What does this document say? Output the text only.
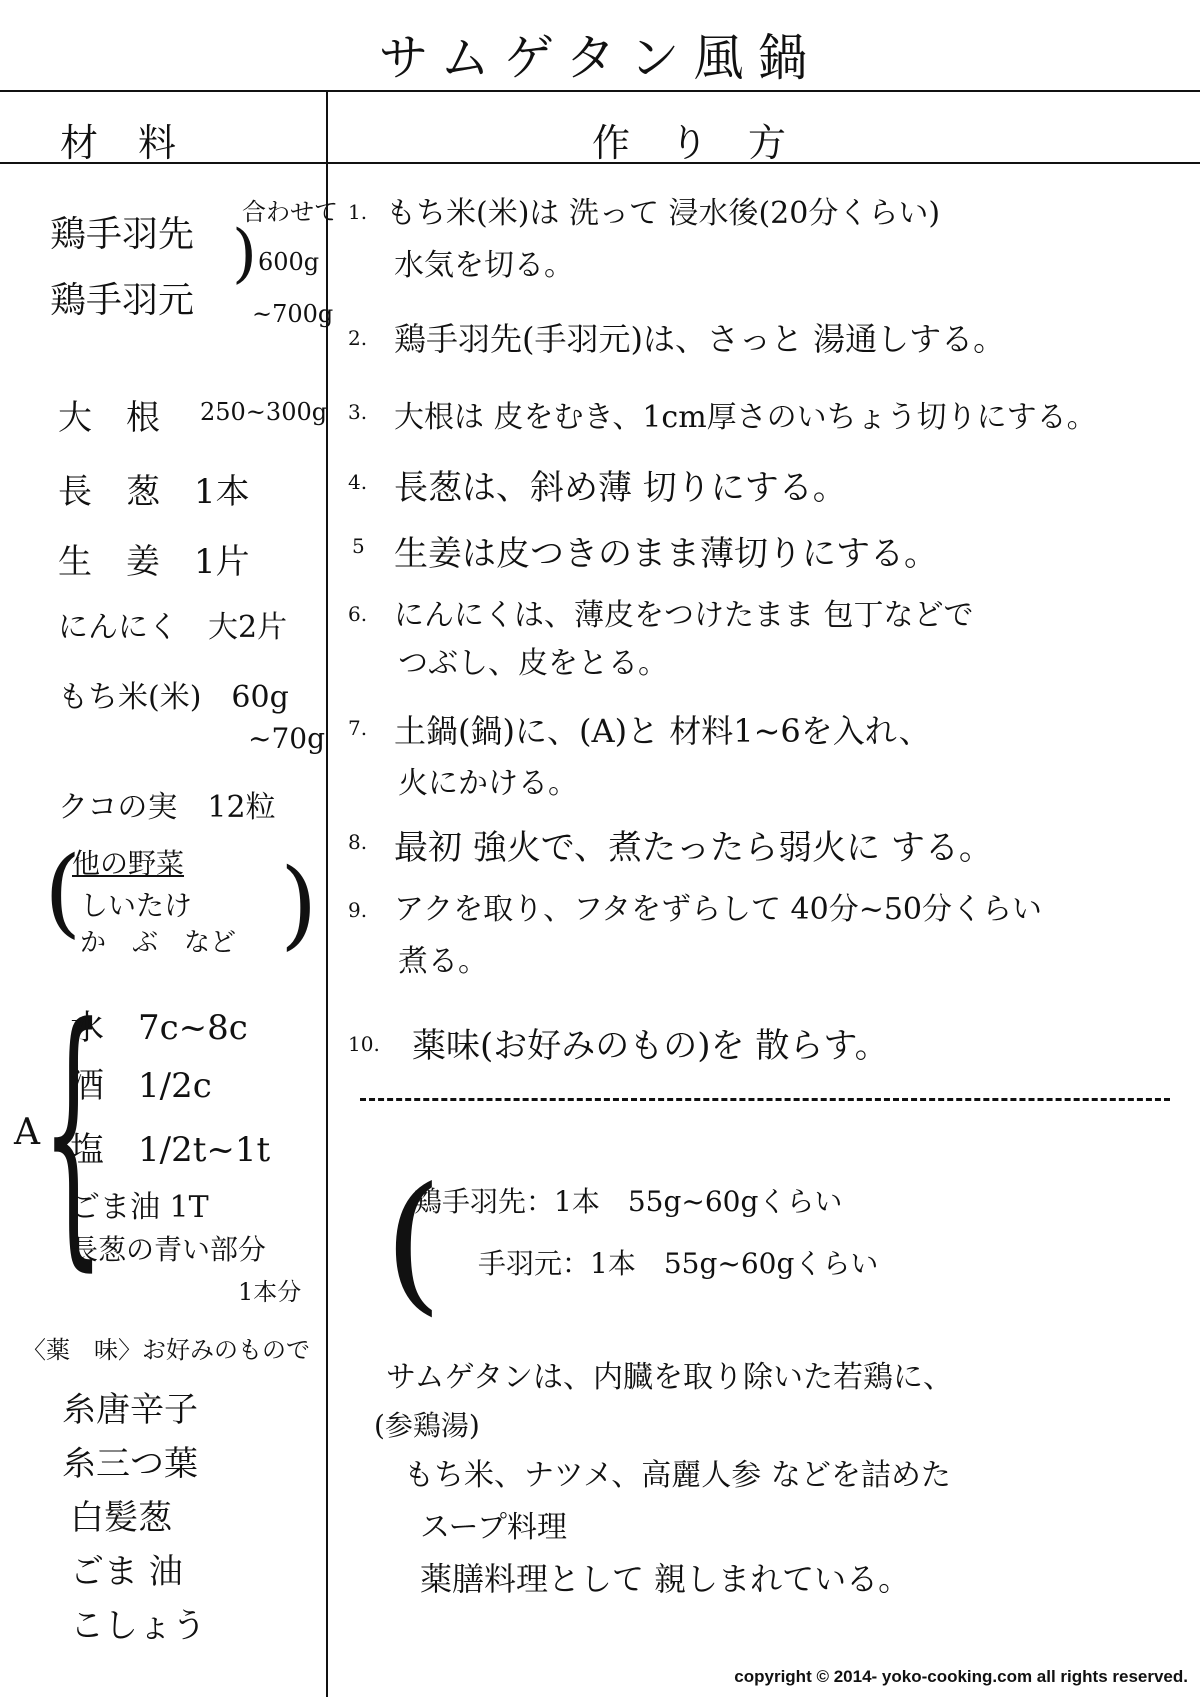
サムゲタン風鍋
材料	作り方
鶏手羽先
鶏手羽元
)
合わせて
600g
~700g
大　根 250~300g
長　葱　1本
生　姜　1片
にんにく　大2片
もち米(米)　60g
~70g
クコの実　12粒
( )
他の野菜
しいたけ
か　ぶ　など
A {
水　7c~8c
酒　1/2c
塩　1/2t~1t
ごま油 1T
長葱の青い部分
1本分
〈薬　味〉お好みのもので
糸唐辛子
糸三つ葉
白髪葱
ごま 油
こしょう
1. もち米(米)は 洗って 浸水後(20分くらい)
水気を切る。
2. 鶏手羽先(手羽元)は、さっと 湯通しする。
3. 大根は 皮をむき、1cm厚さのいちょう切りにする。
4. 長葱は、斜め薄 切りにする。
5 生姜は皮つきのまま薄切りにする。
6. にんにくは、薄皮をつけたまま 包丁などで
つぶし、皮をとる。
7. 土鍋(鍋)に、(A)と 材料1~6を入れ、
火にかける。
8. 最初 強火で、煮たったら弱火に する。
9. アクを取り、フタをずらして 40分~50分くらい
煮る。
10. 薬味(お好みのもの)を 散らす。
(
鶏手羽先：1本　55g~60gくらい
手羽元：1本　55g~60gくらい
サムゲタンは、内臓を取り除いた若鶏に、
(参鶏湯)
もち米、ナツメ、高麗人参 などを詰めた
スープ料理
薬膳料理として 親しまれている。
copyright © 2014- yoko-cooking.com all rights reserved.
